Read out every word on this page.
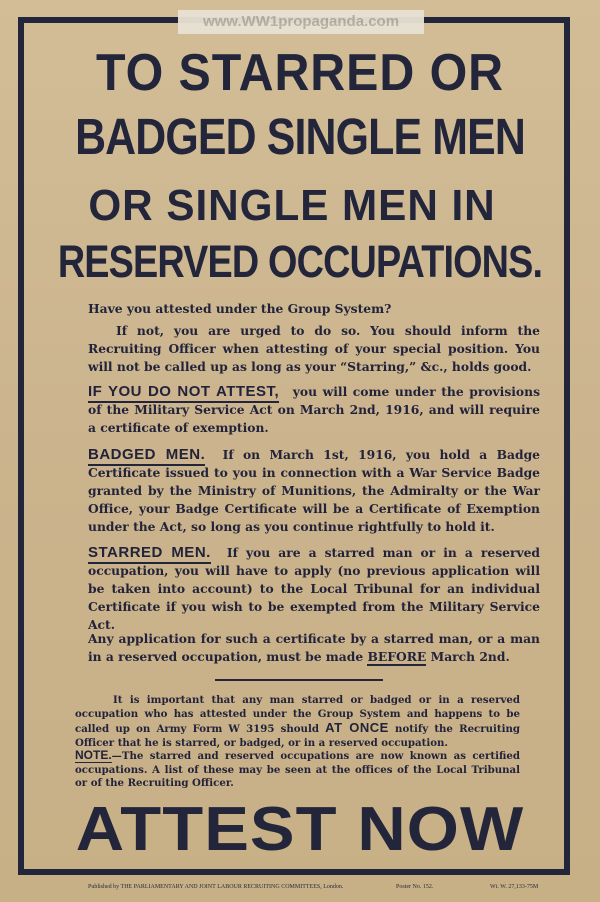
www.WW1propaganda.com
TO STARRED OR
BADGED SINGLE MEN
OR SINGLE MEN IN
RESERVED OCCUPATIONS.
Have you attested under the Group System?
If not, you are urged to do so. You should inform the Recruiting Officer when attesting of your special position. You will not be called up as long as your “Starring,” &c., holds good.
IF YOU DO NOT ATTEST, you will come under the provisions of the Military Service Act on March 2nd, 1916, and will require a certificate of exemption.
BADGED MEN. If on March 1st, 1916, you hold a Badge Certificate issued to you in connection with a War Service Badge granted by the Ministry of Munitions, the Admiralty or the War Office, your Badge Certificate will be a Certificate of Exemption under the Act, so long as you continue rightfully to hold it.
STARRED MEN. If you are a starred man or in a reserved occupation, you will have to apply (no previous application will be taken into account) to the Local Tribunal for an individual Certificate if you wish to be exempted from the Military Service Act.
Any application for such a certificate by a starred man, or a man in a reserved occupation, must be made BEFORE March 2nd.
It is important that any man starred or badged or in a reserved occupation who has attested under the Group System and happens to be called up on Army Form W 3195 should AT ONCE notify the Recruiting Officer that he is starred, or badged, or in a reserved occupation.
NOTE.—The starred and reserved occupations are now known as certified occupations. A list of these may be seen at the offices of the Local Tribunal or of the Recruiting Officer.
ATTEST NOW
Published by THE PARLIAMENTARY AND JOINT LABOUR RECRUITING COMMITTEES, London.	Poster No. 152.	Wt. W. 27,133-75M
